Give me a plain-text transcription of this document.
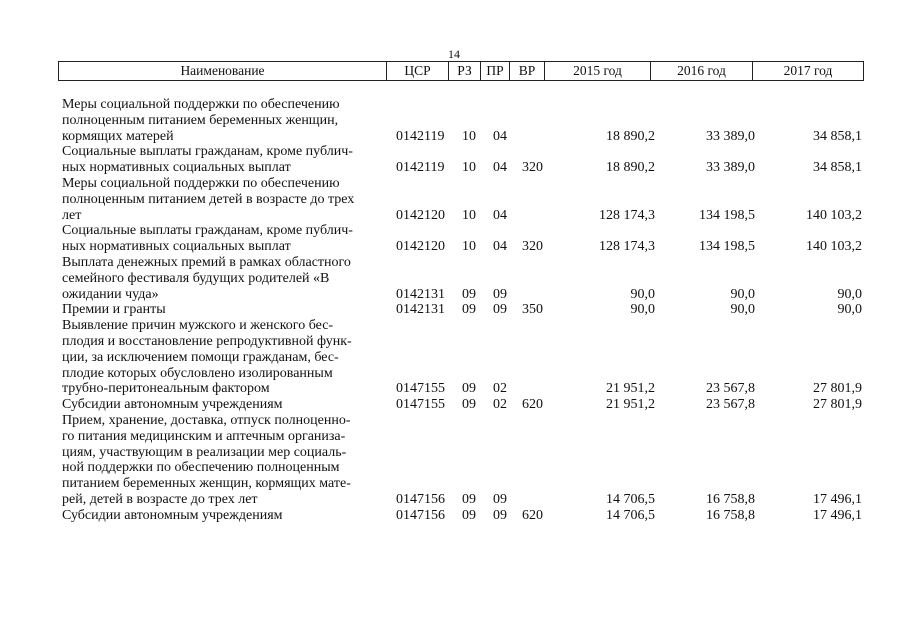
14
Наименование	ЦСР	РЗ	ПР	ВР	2015 год	2016 год	2017 год
Меры социальной поддержки по обеспечению
полноценным питанием беременных женщин,
кормящих матерей	0142119 10 04	18 890,2	33 389,0	34 858,1
Социальные выплаты гражданам, кроме публич-
ных нормативных социальных выплат	0142119 10 04 320	18 890,2	33 389,0	34 858,1
Меры социальной поддержки по обеспечению
полноценным питанием детей в возрасте до трех
лет	0142120 10 04	128 174,3	134 198,5	140 103,2
Социальные выплаты гражданам, кроме публич-
ных нормативных социальных выплат	0142120 10 04 320	128 174,3	134 198,5	140 103,2
Выплата денежных премий в рамках областного
семейного фестиваля будущих родителей «В
ожидании чуда»	0142131 09 09	90,0	90,0	90,0
Премии и гранты	0142131 09 09 350	90,0	90,0	90,0
Выявление причин мужского и женского бес-
плодия и восстановление репродуктивной функ-
ции, за исключением помощи гражданам, бес-
плодие которых обусловлено изолированным
трубно-перитонеальным фактором	0147155 09 02	21 951,2	23 567,8	27 801,9
Субсидии автономным учреждениям	0147155 09 02 620	21 951,2	23 567,8	27 801,9
Прием, хранение, доставка, отпуск полноценно-
го питания медицинским и аптечным организа-
циям, участвующим в реализации мер социаль-
ной поддержки по обеспечению полноценным
питанием беременных женщин, кормящих мате-
рей, детей в возрасте до трех лет	0147156 09 09	14 706,5	16 758,8	17 496,1
Субсидии автономным учреждениям	0147156 09 09 620	14 706,5	16 758,8	17 496,1
